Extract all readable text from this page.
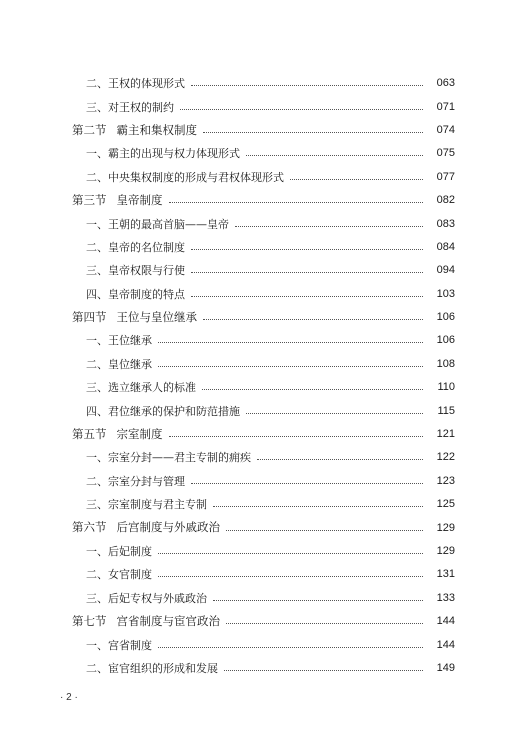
二、王权的体现形式	063
三、对王权的制约	071
第二节 霸主和集权制度	074
一、霸主的出现与权力体现形式	075
二、中央集权制度的形成与君权体现形式	077
第三节 皇帝制度	082
一、王朝的最高首脑——皇帝	083
二、皇帝的名位制度	084
三、皇帝权限与行使	094
四、皇帝制度的特点	103
第四节 王位与皇位继承	106
一、王位继承	106
二、皇位继承	108
三、选立继承人的标准	110
四、君位继承的保护和防范措施	115
第五节 宗室制度	121
一、宗室分封——君主专制的痈疾	122
二、宗室分封与管理	123
三、宗室制度与君主专制	125
第六节 后宫制度与外戚政治	129
一、后妃制度	129
二、女官制度	131
三、后妃专权与外戚政治	133
第七节 宫省制度与宦官政治	144
一、宫省制度	144
二、宦官组织的形成和发展	149
· 2 ·
